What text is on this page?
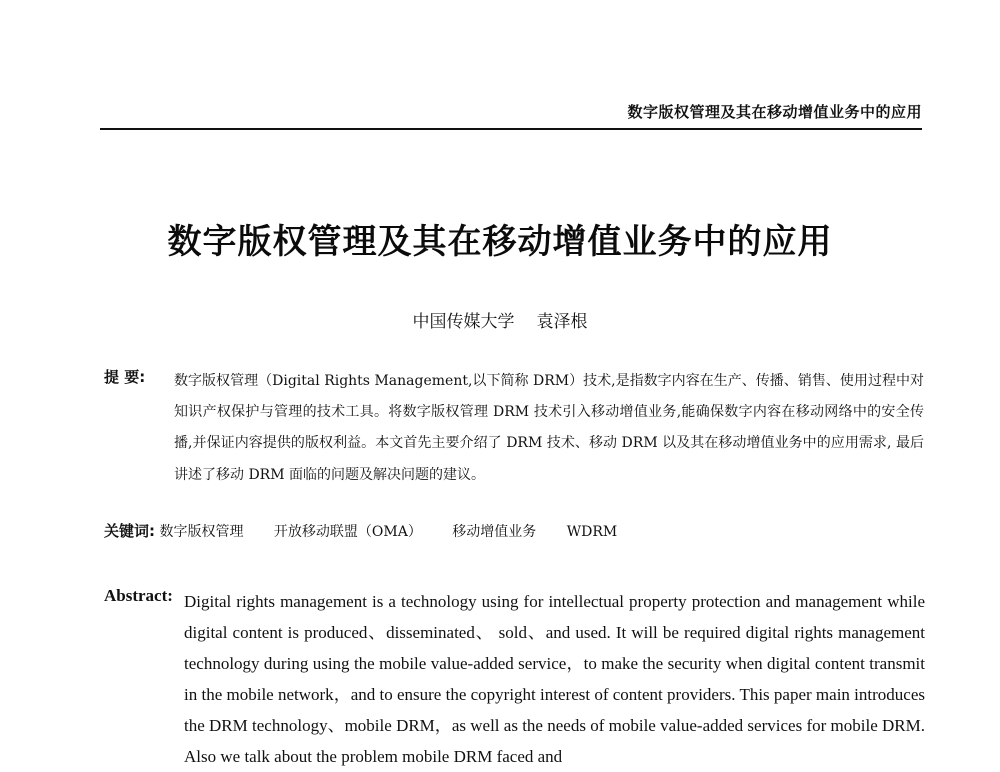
数字版权管理及其在移动增值业务中的应用
数字版权管理及其在移动增值业务中的应用
中国传媒大学 袁泽根
提 要: 数字版权管理（Digital Rights Management,以下简称 DRM）技术,是指数字内容在生产、传播、销售、使用过程中对知识产权保护与管理的技术工具。将数字版权管理 DRM 技术引入移动增值业务,能确保数字内容在移动网络中的安全传播,并保证内容提供的版权利益。本文首先主要介绍了 DRM 技术、移动 DRM 以及其在移动增值业务中的应用需求, 最后讲述了移动 DRM 面临的问题及解决问题的建议。
关键词: 数字版权管理 开放移动联盟（OMA） 移动增值业务 WDRM
Abstract: Digital rights management is a technology using for intellectual property protection and management while digital content is produced、disseminated、 sold、and used. It will be required digital rights management technology during using the mobile value-added service，to make the security when digital content transmit in the mobile network，and to ensure the copyright interest of content providers. This paper main introduces the DRM technology、mobile DRM，as well as the needs of mobile value-added services for mobile DRM. Also we talk about the problem mobile DRM faced and
